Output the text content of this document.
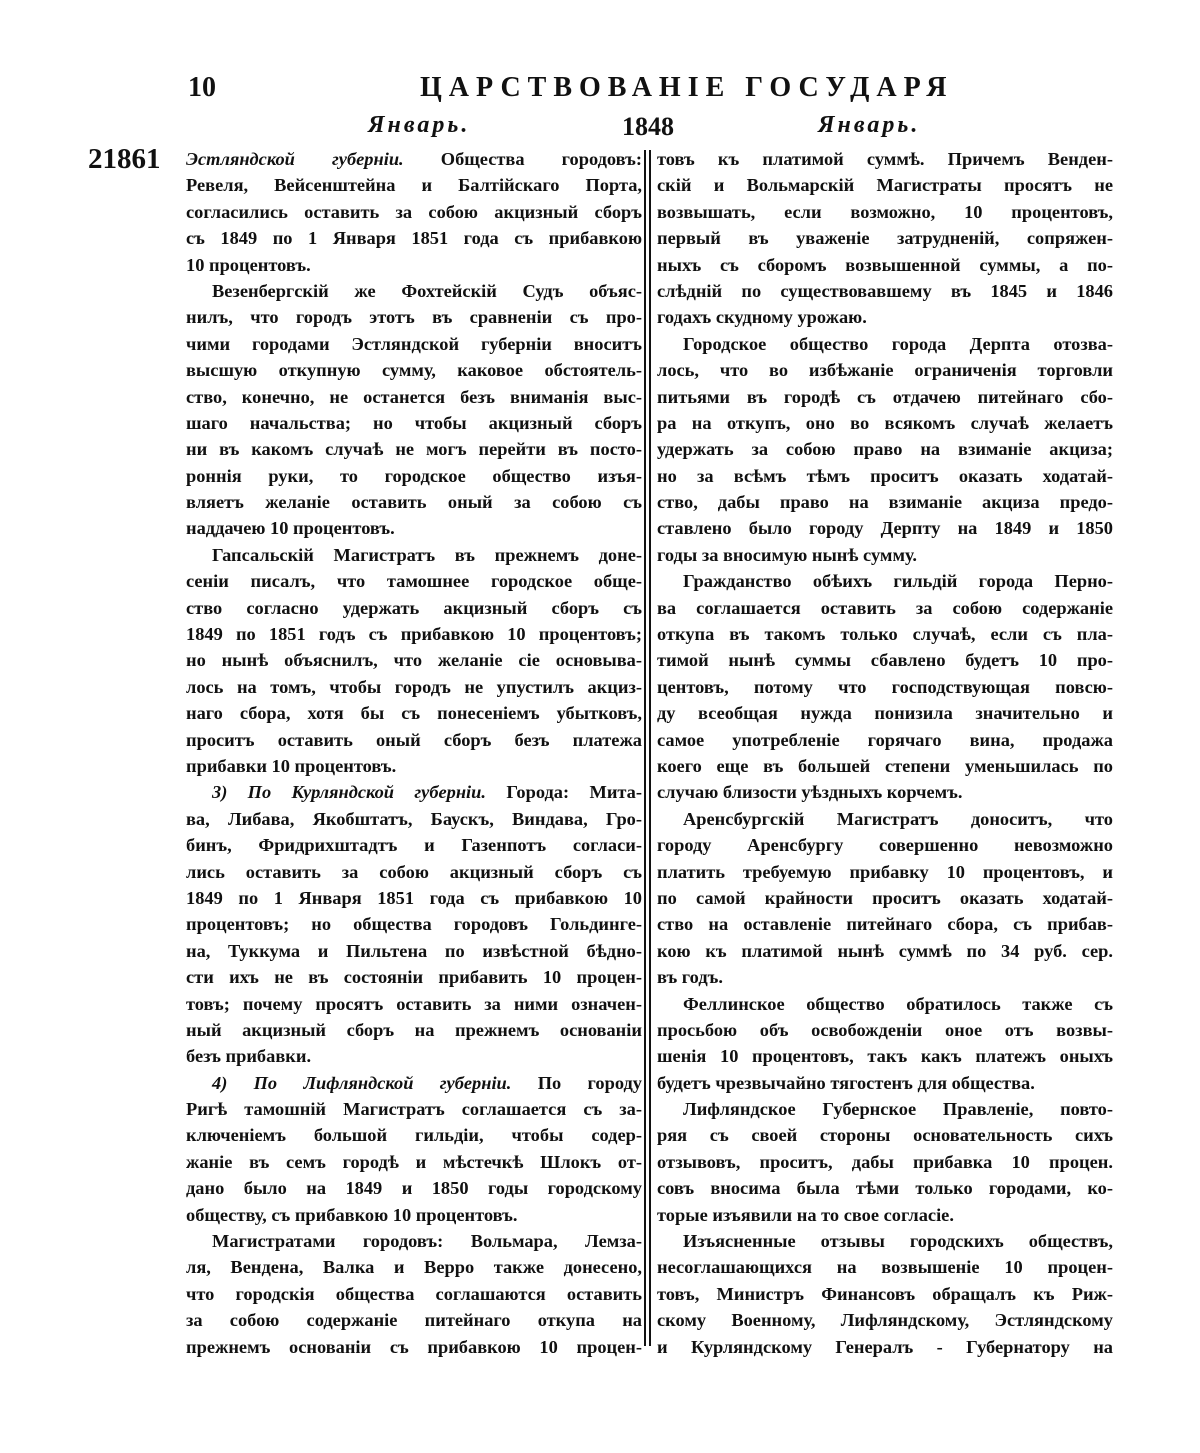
10	ЦАРСТВОВАНІЕ ГОСУДАРЯ
Январь.	1848	Январь.
21861 Эстляндской губерніи. Общества городовъ:
Ревеля, Вейсенштейна и Балтійскаго Порта,
согласились оставить за собою акцизный сборъ
съ 1849 по 1 Января 1851 года съ прибавкою
10 процентовъ.
Везенбергскій же Фохтейскій Судъ объяс-
нилъ, что городъ этотъ въ сравненіи съ про-
чими городами Эстляндской губерніи вноситъ
высшую откупную сумму, каковое обстоятель-
ство, конечно, не останется безъ вниманія выс-
шаго начальства; но чтобы акцизный сборъ
ни въ какомъ случаѣ не могъ перейти въ посто-
роннія руки, то городское общество изъя-
вляетъ желаніе оставить оный за собою съ
наддачею 10 процентовъ.
Гапсальскій Магистратъ въ прежнемъ доне-
сеніи писалъ, что тамошнее городское обще-
ство согласно удержать акцизный сборъ съ
1849 по 1851 годъ съ прибавкою 10 процентовъ;
но нынѣ объяснилъ, что желаніе сіе основыва-
лось на томъ, чтобы городъ не упустилъ акциз-
наго сбора, хотя бы съ понесеніемъ убытковъ,
проситъ оставить оный сборъ безъ платежа
прибавки 10 процентовъ.
3) По Курляндской губерніи. Города: Мита-
ва, Либава, Якобштатъ, Баускъ, Виндава, Гро-
бинъ, Фридрихштадтъ и Газенпотъ согласи-
лись оставить за собою акцизный сборъ съ
1849 по 1 Января 1851 года съ прибавкою 10
процентовъ; но общества городовъ Гольдинге-
на, Туккума и Пильтена по извѣстной бѣдно-
сти ихъ не въ состояніи прибавить 10 процен-
товъ; почему просятъ оставить за ними означен-
ный акцизный сборъ на прежнемъ основаніи
безъ прибавки.
4) По Лифляндской губерніи. По городу
Ригѣ тамошній Магистратъ соглашается съ за-
ключеніемъ большой гильдіи, чтобы содер-
жаніе въ семъ городѣ и мѣстечкѣ Шлокъ от-
дано было на 1849 и 1850 годы городскому
обществу, съ прибавкою 10 процентовъ.
Магистратами городовъ: Вольмара, Лемза-
ля, Вендена, Валка и Верро также донесено,
что городскія общества соглашаются оставить
за собою содержаніе питейнаго откупа на
прежнемъ основаніи съ прибавкою 10 процен-
товъ къ платимой суммѣ. Причемъ Венден-
скій и Вольмарскій Магистраты просятъ не
возвышать, если возможно, 10 процентовъ,
первый въ уваженіе затрудненій, сопряжен-
ныхъ съ сборомъ возвышенной суммы, а по-
слѣдній по существовавшему въ 1845 и 1846
годахъ скудному урожаю.
Городское общество города Дерпта отозва-
лось, что во избѣжаніе ограниченія торговли
питьями въ городѣ съ отдачею питейнаго сбо-
ра на откупъ, оно во всякомъ случаѣ желаетъ
удержать за собою право на взиманіе акциза;
но за всѣмъ тѣмъ проситъ оказать ходатай-
ство, дабы право на взиманіе акциза предо-
ставлено было городу Дерпту на 1849 и 1850
годы за вносимую нынѣ сумму.
Гражданство обѣихъ гильдій города Перно-
ва соглашается оставить за собою содержаніе
откупа въ такомъ только случаѣ, если съ пла-
тимой нынѣ суммы сбавлено будетъ 10 про-
центовъ, потому что господствующая повсю-
ду всеобщая нужда понизила значительно и
самое употребленіе горячаго вина, продажа
коего еще въ большей степени уменьшилась по
случаю близости уѣздныхъ корчемъ.
Аренсбургскій Магистратъ доноситъ, что
городу Аренсбургу совершенно невозможно
платить требуемую прибавку 10 процентовъ, и
по самой крайности проситъ оказать ходатай-
ство на оставленіе питейнаго сбора, съ прибав-
кою къ платимой нынѣ суммѣ по 34 руб. сер.
въ годъ.
Феллинское общество обратилось также съ
просьбою объ освобожденіи оное отъ возвы-
шенія 10 процентовъ, такъ какъ платежъ оныхъ
будетъ чрезвычайно тягостенъ для общества.
Лифляндское Губернское Правленіе, повто-
ряя съ своей стороны основательность сихъ
отзывовъ, проситъ, дабы прибавка 10 процен.
совъ вносима была тѣми только городами, ко-
торые изъявили на то свое согласіе.
Изъясненные отзывы городскихъ обществъ,
несоглашающихся на возвышеніе 10 процен-
товъ, Министръ Финансовъ обращалъ къ Риж-
скому Военному, Лифляндскому, Эстляндскому
и Курляндскому Генералъ - Губернатору на
